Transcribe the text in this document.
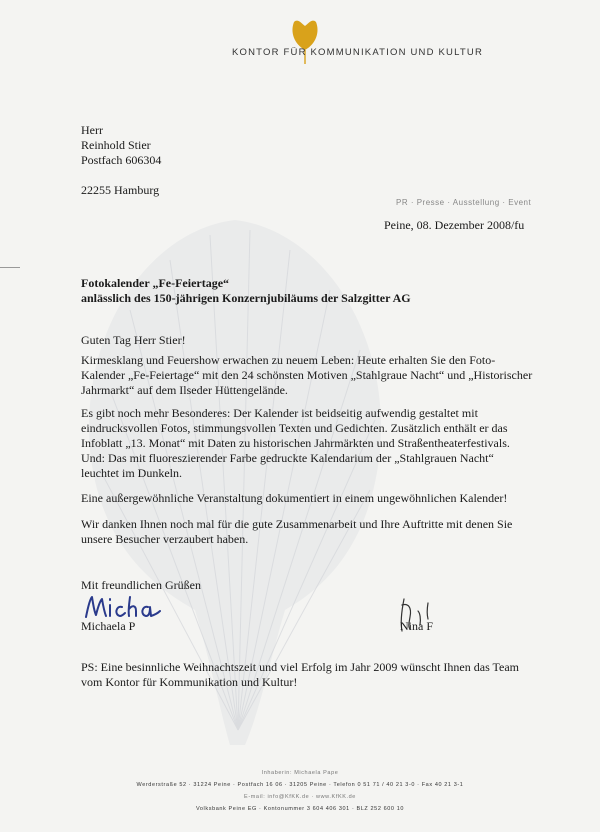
KONTOR FÜR KOMMUNIKATION UND KULTUR
Herr
Reinhold Stier
Postfach 606304
22255 Hamburg
PR · Presse · Ausstellung · Event
Peine, 08. Dezember 2008/fu
Fotokalender „Fe-Feiertage“
anlässlich des 150-jährigen Konzernjubiläums der Salzgitter AG
Guten Tag Herr Stier!
Kirmesklang und Feuershow erwachen zu neuem Leben: Heute erhalten Sie den Foto-
Kalender „Fe-Feiertage“ mit den 24 schönsten Motiven „Stahlgraue Nacht“ und „Historischer
Jahrmarkt“ auf dem Ilseder Hüttengelände.
Es gibt noch mehr Besonderes: Der Kalender ist beidseitig aufwendig gestaltet mit
eindrucksvollen Fotos, stimmungsvollen Texten und Gedichten. Zusätzlich enthält er das
Infoblatt „13. Monat“ mit Daten zu historischen Jahrmärkten und Straßentheaterfestivals.
Und: Das mit fluoreszierender Farbe gedruckte Kalendarium der „Stahlgrauen Nacht“
leuchtet im Dunkeln.
Eine außergewöhnliche Veranstaltung dokumentiert in einem ungewöhnlichen Kalender!
Wir danken Ihnen noch mal für die gute Zusammenarbeit und Ihre Auftritte mit denen Sie
unsere Besucher verzaubert haben.
Mit freundlichen Grüßen
Michaela P	Nina F
PS: Eine besinnliche Weihnachtszeit und viel Erfolg im Jahr 2009 wünscht Ihnen das Team
vom Kontor für Kommunikation und Kultur!
Inhaberin: Michaela Pape
Werderstraße 52 · 31224 Peine · Postfach 16 06 · 31205 Peine · Telefon 0 51 71 / 40 21 3-0 · Fax 40 21 3-1
E-mail: info@KfKK.de · www.KfKK.de
Volksbank Peine EG · Kontonummer 3 604 406 301 · BLZ 252 600 10
